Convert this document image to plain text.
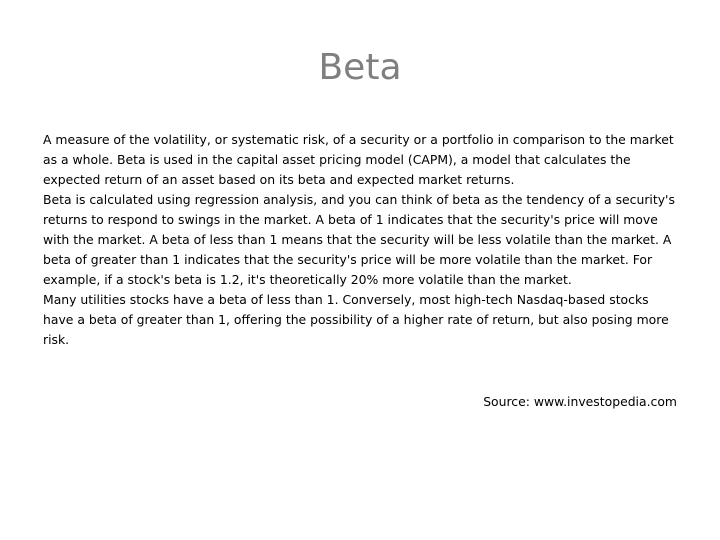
Beta

A measure of the volatility, or systematic risk, of a security or a portfolio in comparison to the market as a whole. Beta is used in the capital asset pricing model (CAPM), a model that calculates the expected return of an asset based on its beta and expected market returns.

Beta is calculated using regression analysis, and you can think of beta as the tendency of a security's returns to respond to swings in the market. A beta of 1 indicates that the security's price will move with the market. A beta of less than 1 means that the security will be less volatile than the market. A beta of greater than 1 indicates that the security's price will be more volatile than the market. For example, if a stock's beta is 1.2, it's theoretically 20% more volatile than the market.

Many utilities stocks have a beta of less than 1. Conversely, most high-tech Nasdaq-based stocks have a beta of greater than 1, offering the possibility of a higher rate of return, but also posing more risk.

Source: www.investopedia.com
